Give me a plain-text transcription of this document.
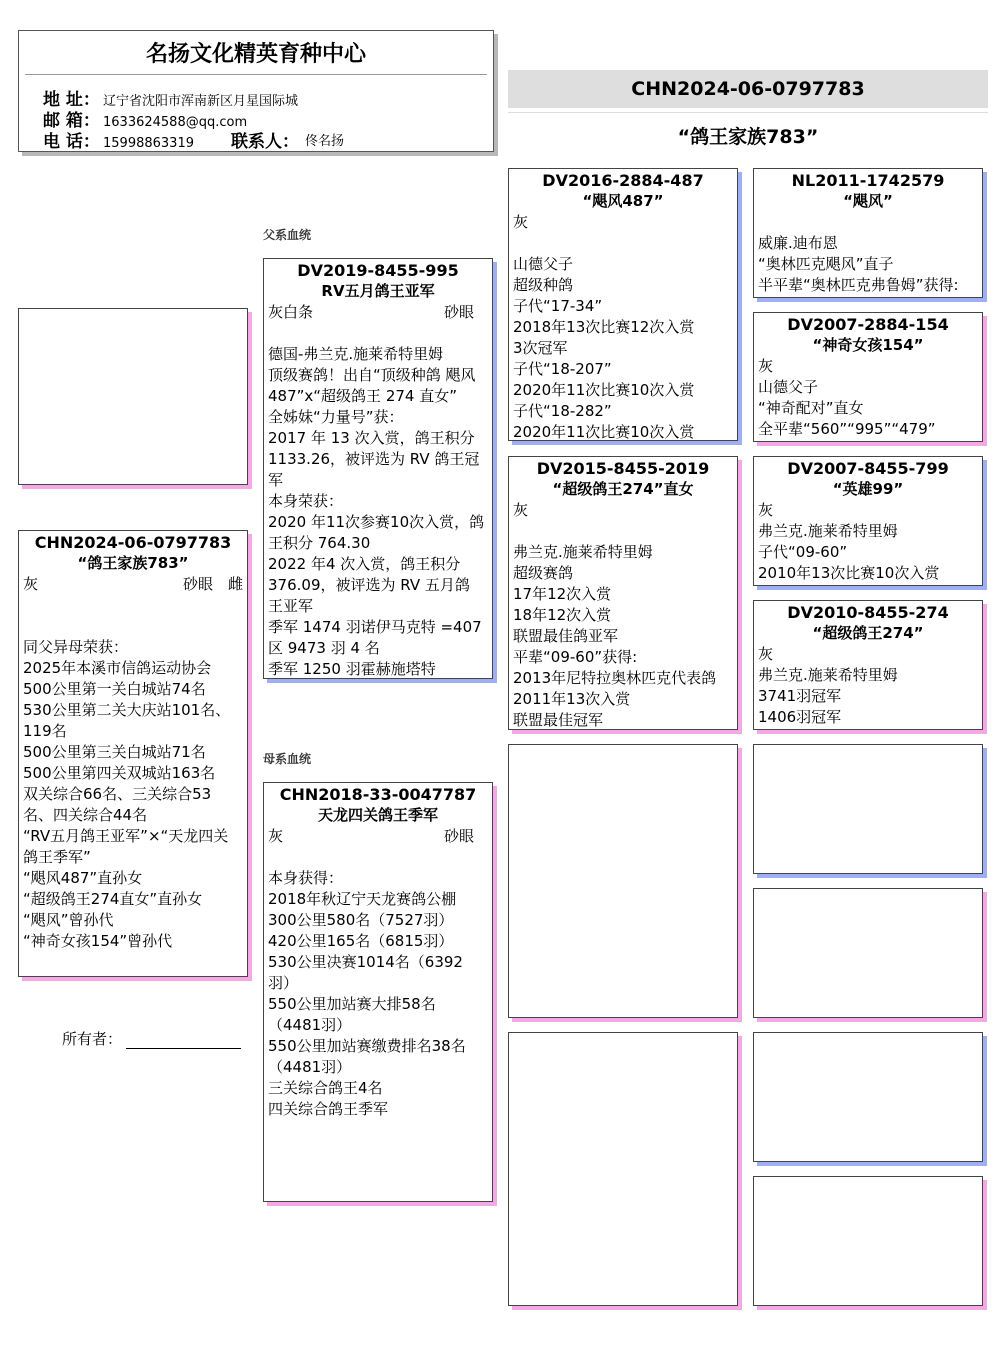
名扬文化精英育种中心
地 址： 辽宁省沈阳市浑南新区月星国际城
邮 箱： 1633624588@qq.com
电 话： 15998863319 联系人： 佟名扬
CHN2024-06-0797783
“鸽王家族783”
父系血统
母系血统
CHN2024-06-0797783
“鸽王家族783”
灰	砂眼 雌
同父异母荣获：
2025年本溪市信鸽运动协会
500公里第一关白城站74名
530公里第二关大庆站101名、
119名
500公里第三关白城站71名
500公里第四关双城站163名
双关综合66名、三关综合53
名、四关综合44名
“RV五月鸽王亚军”×“天龙四关
鸽王季军”
“飓风487”直孙女
“超级鸽王274直女”直孙女
“飓风”曾孙代
“神奇女孩154”曾孙代
所有者：
DV2019-8455-995
RV五月鸽王亚军
灰白条	砂眼
德国-弗兰克.施莱希特里姆
顶级赛鸽！出自“顶级种鸽 飓风
487”x“超级鸽王 274 直女”
全姊妹“力量号”获：
2017 年 13 次入赏，鸽王积分
1133.26，被评选为 RV 鸽王冠
军
本身荣获：
2020 年11次参赛10次入赏，鸽
王积分 764.30
2022 年4 次入赏，鸽王积分
376.09，被评选为 RV 五月鸽
王亚军
季军 1474 羽诺伊马克特 =407
区 9473 羽 4 名
季军 1250 羽霍赫施塔特
CHN2018-33-0047787
天龙四关鸽王季军
灰	砂眼
本身获得：
2018年秋辽宁天龙赛鸽公棚
300公里580名（7527羽）
420公里165名（6815羽）
530公里决赛1014名（6392
羽）
550公里加站赛大排58名
（4481羽）
550公里加站赛缴费排名38名
（4481羽）
三关综合鸽王4名
四关综合鸽王季军
DV2016-2884-487
“飓风487”
灰
山德父子
超级种鸽
子代“17-34”
2018年13次比赛12次入赏
3次冠军
子代“18-207”
2020年11次比赛10次入赏
子代“18-282”
2020年11次比赛10次入赏
DV2015-8455-2019
“超级鸽王274”直女
灰
弗兰克.施莱希特里姆
超级赛鸽
17年12次入赏
18年12次入赏
联盟最佳鸽亚军
平辈“09-60”获得:
2013年尼特拉奥林匹克代表鸽
2011年13次入赏
联盟最佳冠军
NL2011-1742579
“飓风”
威廉.迪布恩
“奥林匹克飓风”直子
半平辈“奥林匹克弗鲁姆”获得:
DV2007-2884-154
“神奇女孩154”
灰
山德父子
“神奇配对”直女
全平辈“560”“995”“479”
DV2007-8455-799
“英雄99”
灰
弗兰克.施莱希特里姆
子代“09-60”
2010年13次比赛10次入赏
DV2010-8455-274
“超级鸽王274”
灰
弗兰克.施莱希特里姆
3741羽冠军
1406羽冠军
